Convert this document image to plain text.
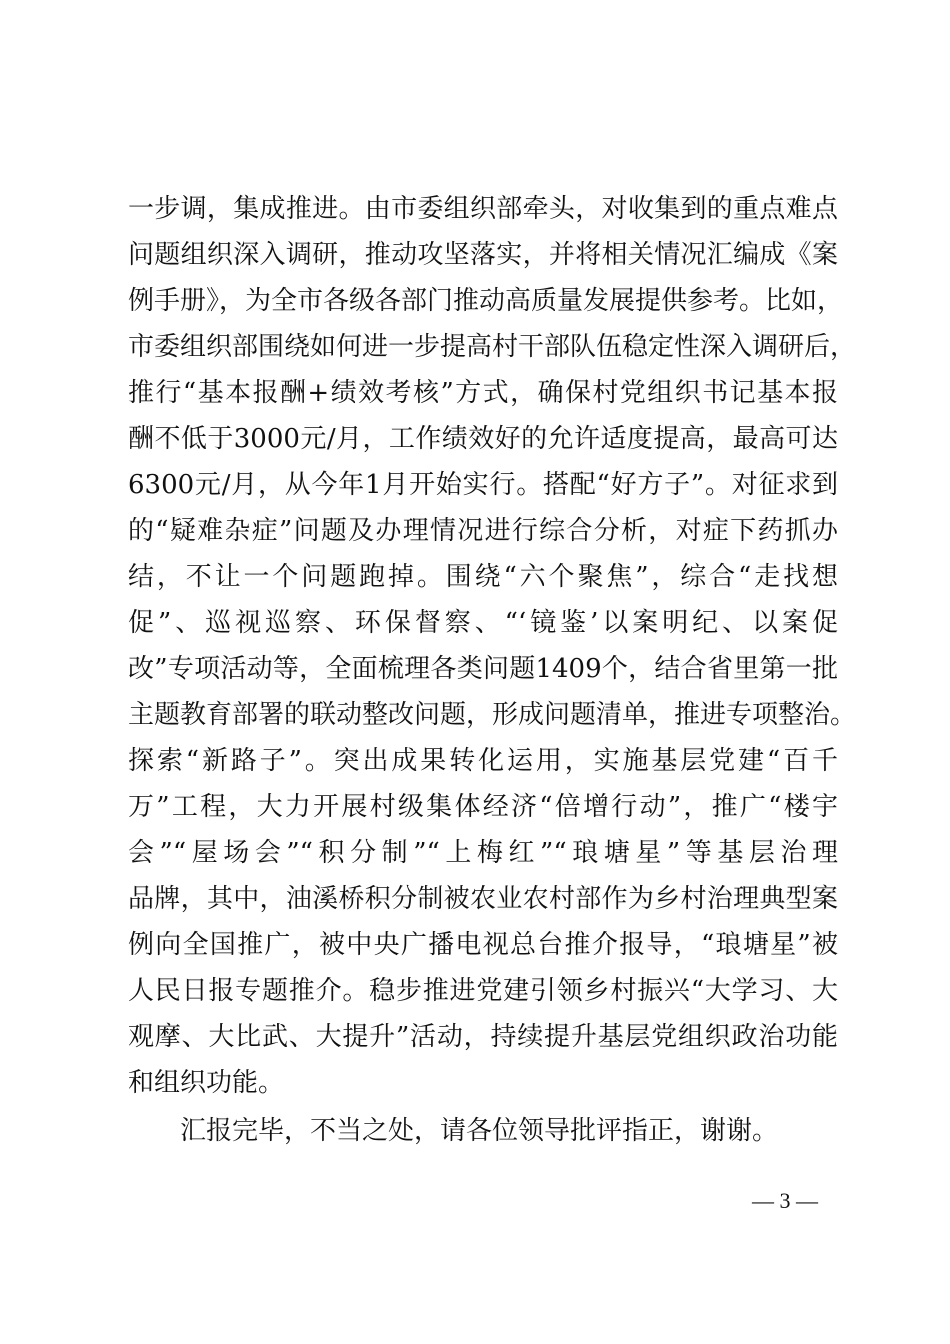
一步调，集成推进。由市委组织部牵头，对收集到的重点难点
问题组织深入调研，推动攻坚落实，并将相关情况汇编成《案
例手册》，为全市各级各部门推动高质量发展提供参考。比如，
市委组织部围绕如何进一步提高村干部队伍稳定性深入调研后，
推行“基本报酬+绩效考核”方式，确保村党组织书记基本报
酬不低于3000元/月，工作绩效好的允许适度提高，最高可达
6300元/月，从今年1月开始实行。搭配“好方子”。对征求到
的“疑难杂症”问题及办理情况进行综合分析，对症下药抓办
结，不让一个问题跑掉。围绕“六个聚焦”，综合“走找想
促”、巡视巡察、环保督察、“‘镜鉴’以案明纪、以案促
改”专项活动等，全面梳理各类问题1409个，结合省里第一批
主题教育部署的联动整改问题，形成问题清单，推进专项整治。
探索“新路子”。突出成果转化运用，实施基层党建“百千
万”工程，大力开展村级集体经济“倍增行动”，推广“楼宇
会”“屋场会”“积分制”“上梅红”“琅塘星”等基层治理
品牌，其中，油溪桥积分制被农业农村部作为乡村治理典型案
例向全国推广，被中央广播电视总台推介报导，“琅塘星”被
人民日报专题推介。稳步推进党建引领乡村振兴“大学习、大
观摩、大比武、大提升”活动，持续提升基层党组织政治功能
和组织功能。
汇报完毕，不当之处，请各位领导批评指正，谢谢。
— 3 —
